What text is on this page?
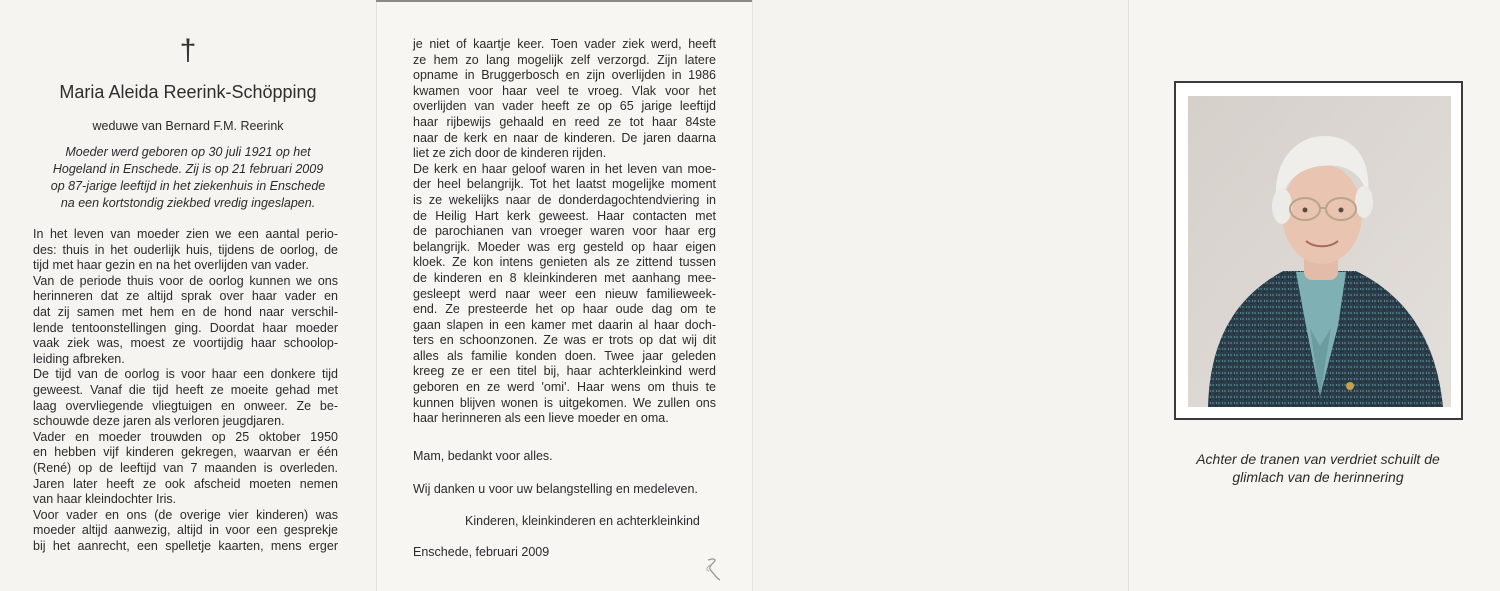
†
Maria Aleida Reerink-Schöpping
weduwe van Bernard F.M. Reerink
Moeder werd geboren op 30 juli 1921 op het
Hogeland in Enschede. Zij is op 21 februari 2009
op 87-jarige leeftijd in het ziekenhuis in Enschede
na een kortstondig ziekbed vredig ingeslapen.
In het leven van moeder zien we een aantal perio-
des: thuis in het ouderlijk huis, tijdens de oorlog, de
tijd met haar gezin en na het overlijden van vader.
Van de periode thuis voor de oorlog kunnen we ons
herinneren dat ze altijd sprak over haar vader en
dat zij samen met hem en de hond naar verschil-
lende tentoonstellingen ging. Doordat haar moeder
vaak ziek was, moest ze voortijdig haar schoolop-
leiding afbreken.
De tijd van de oorlog is voor haar een donkere tijd
geweest. Vanaf die tijd heeft ze moeite gehad met
laag overvliegende vliegtuigen en onweer. Ze be-
schouwde deze jaren als verloren jeugdjaren.
Vader en moeder trouwden op 25 oktober 1950
en hebben vijf kinderen gekregen, waarvan er één
(René) op de leeftijd van 7 maanden is overleden.
Jaren later heeft ze ook afscheid moeten nemen
van haar kleindochter Iris.
Voor vader en ons (de overige vier kinderen) was
moeder altijd aanwezig, altijd in voor een gesprekje
bij het aanrecht, een spelletje kaarten, mens erger
je niet of kaartje keer. Toen vader ziek werd, heeft
ze hem zo lang mogelijk zelf verzorgd. Zijn latere
opname in Bruggerbosch en zijn overlijden in 1986
kwamen voor haar veel te vroeg. Vlak voor het
overlijden van vader heeft ze op 65 jarige leeftijd
haar rijbewijs gehaald en reed ze tot haar 84ste
naar de kerk en naar de kinderen. De jaren daarna
liet ze zich door de kinderen rijden.
De kerk en haar geloof waren in het leven van moe-
der heel belangrijk. Tot het laatst mogelijke moment
is ze wekelijks naar de donderdagochtendviering in
de Heilig Hart kerk geweest. Haar contacten met
de parochianen van vroeger waren voor haar erg
belangrijk. Moeder was erg gesteld op haar eigen
kloek. Ze kon intens genieten als ze zittend tussen
de kinderen en 8 kleinkinderen met aanhang mee-
gesleept werd naar weer een nieuw familieweek-
end. Ze presteerde het op haar oude dag om te
gaan slapen in een kamer met daarin al haar doch-
ters en schoonzonen. Ze was er trots op dat wij dit
alles als familie konden doen. Twee jaar geleden
kreeg ze er een titel bij, haar achterkleinkind werd
geboren en ze werd 'omi'. Haar wens om thuis te
kunnen blijven wonen is uitgekomen. We zullen ons
haar herinneren als een lieve moeder en oma.
Mam, bedankt voor alles.
Wij danken u voor uw belangstelling en medeleven.
Kinderen, kleinkinderen en achterkleinkind
Enschede, februari 2009
Achter de tranen van verdriet schuilt de
glimlach van de herinnering
